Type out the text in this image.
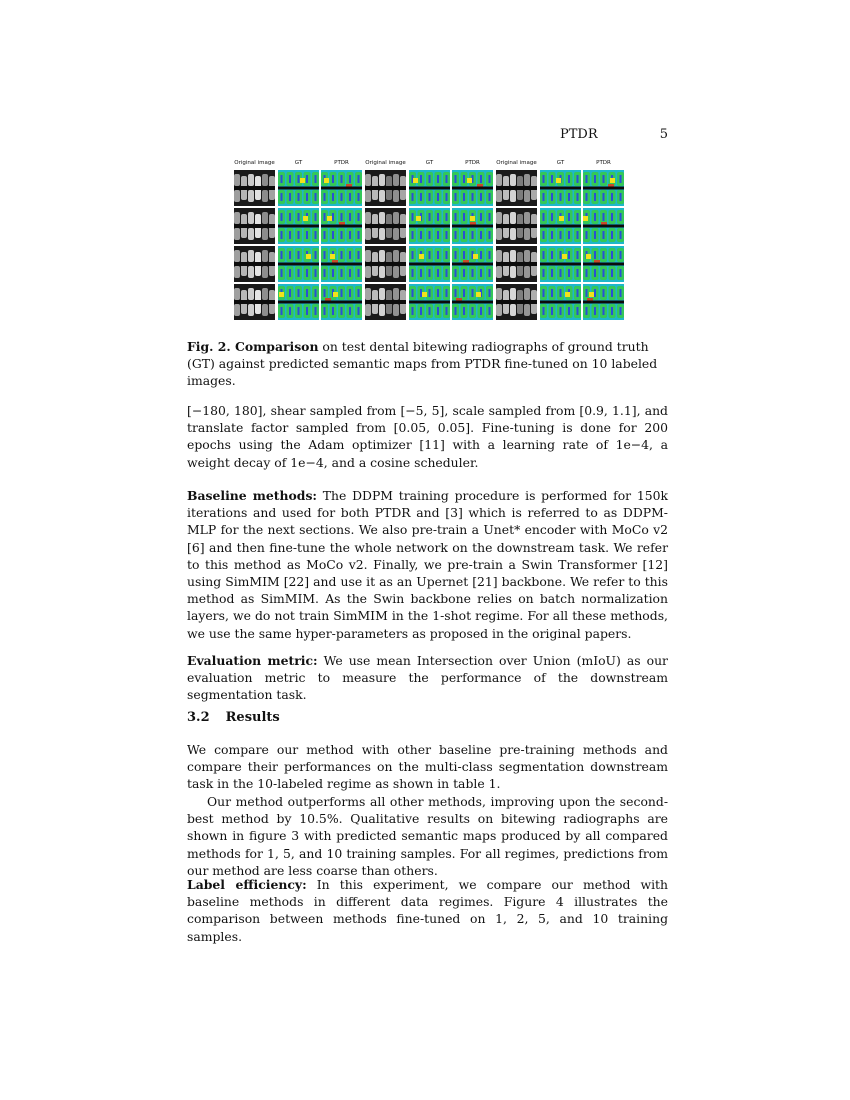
PTDR	5
Original image	GT	PTDR	Original image	GT	PTDR	Original image	GT	PTDR
Fig. 2. Comparison on test dental bitewing radiographs of ground truth (GT) against predicted semantic maps from PTDR fine-tuned on 10 labeled images.

[−180, 180], shear sampled from [−5, 5], scale sampled from [0.9, 1.1], and translate factor sampled from [0.05, 0.05]. Fine-tuning is done for 200 epochs using the Adam optimizer [11] with a learning rate of 1e−4, a weight decay of 1e−4, and a cosine scheduler.

Baseline methods: The DDPM training procedure is performed for 150k iterations and used for both PTDR and [3] which is referred to as DDPM-MLP for the next sections. We also pre-train a Unet* encoder with MoCo v2 [6] and then fine-tune the whole network on the downstream task. We refer to this method as MoCo v2. Finally, we pre-train a Swin Transformer [12] using SimMIM [22] and use it as an Upernet [21] backbone. We refer to this method as SimMIM. As the Swin backbone relies on batch normalization layers, we do not train SimMIM in the 1-shot regime. For all these methods, we use the same hyper-parameters as proposed in the original papers.

Evaluation metric: We use mean Intersection over Union (mIoU) as our evaluation metric to measure the performance of the downstream segmentation task.

3.2 Results

We compare our method with other baseline pre-training methods and compare their performances on the multi-class segmentation downstream task in the 10-labeled regime as shown in table 1.

Our method outperforms all other methods, improving upon the second-best method by 10.5%. Qualitative results on bitewing radiographs are shown in figure 3 with predicted semantic maps produced by all compared methods for 1, 5, and 10 training samples. For all regimes, predictions from our method are less coarse than others.

Label efficiency: In this experiment, we compare our method with baseline methods in different data regimes. Figure 4 illustrates the comparison between methods fine-tuned on 1, 2, 5, and 10 training samples.
